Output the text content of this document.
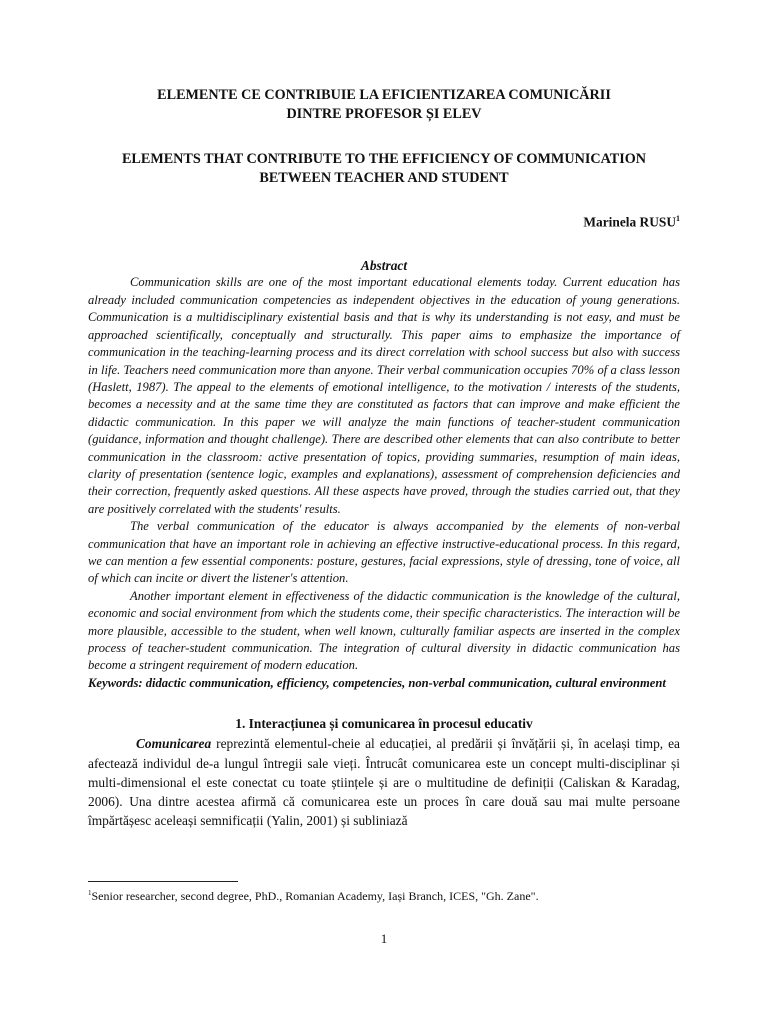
ELEMENTE CE CONTRIBUIE LA EFICIENTIZAREA COMUNICĂRII
DINTRE PROFESOR ȘI ELEV

ELEMENTS THAT CONTRIBUTE TO THE EFFICIENCY OF COMMUNICATION
BETWEEN TEACHER AND STUDENT

Marinela RUSU$^1$

Abstract

Communication skills are one of the most important educational elements today. Current education has already included communication competencies as independent objectives in the education of young generations. Communication is a multidisciplinary existential basis and that is why its understanding is not easy, and must be approached scientifically, conceptually and structurally. This paper aims to emphasize the importance of communication in the teaching-learning process and its direct correlation with school success but also with success in life. Teachers need communication more than anyone. Their verbal communication occupies 70% of a class lesson (Haslett, 1987). The appeal to the elements of emotional intelligence, to the motivation / interests of the students, becomes a necessity and at the same time they are constituted as factors that can improve and make efficient the didactic communication. In this paper we will analyze the main functions of teacher-student communication (guidance, information and thought challenge). There are described other elements that can also contribute to better communication in the classroom: active presentation of topics, providing summaries, resumption of main ideas, clarity of presentation (sentence logic, examples and explanations), assessment of comprehension deficiencies and their correction, frequently asked questions. All these aspects have proved, through the studies carried out, that they are positively correlated with the students' results.

The verbal communication of the educator is always accompanied by the elements of non-verbal communication that have an important role in achieving an effective instructive-educational process. In this regard, we can mention a few essential components: posture, gestures, facial expressions, style of dressing, tone of voice, all of which can incite or divert the listener's attention.

Another important element in effectiveness of the didactic communication is the knowledge of the cultural, economic and social environment from which the students come, their specific characteristics. The interaction will be more plausible, accessible to the student, when well known, culturally familiar aspects are inserted in the complex process of teacher-student communication. The integration of cultural diversity in didactic communication has become a stringent requirement of modern education.

Keywords: didactic communication, efficiency, competencies, non-verbal communication, cultural environment

1. Interacțiunea și comunicarea în procesul educativ

Comunicarea reprezintă elementul-cheie al educației, al predării și învățării și, în același timp, ea afectează individul de-a lungul întregii sale vieți. Întrucât comunicarea este un concept multi-disciplinar și multi-dimensional el este conectat cu toate științele și are o multitudine de definiții (Caliskan & Karadag, 2006). Una dintre acestea afirmă că comunicarea este un proces în care două sau mai multe persoane împărtășesc aceleași semnificații (Yalin, 2001) și subliniază

$^1$Senior researcher, second degree, PhD., Romanian Academy, Iași Branch, ICES, "Gh. Zane".

1
